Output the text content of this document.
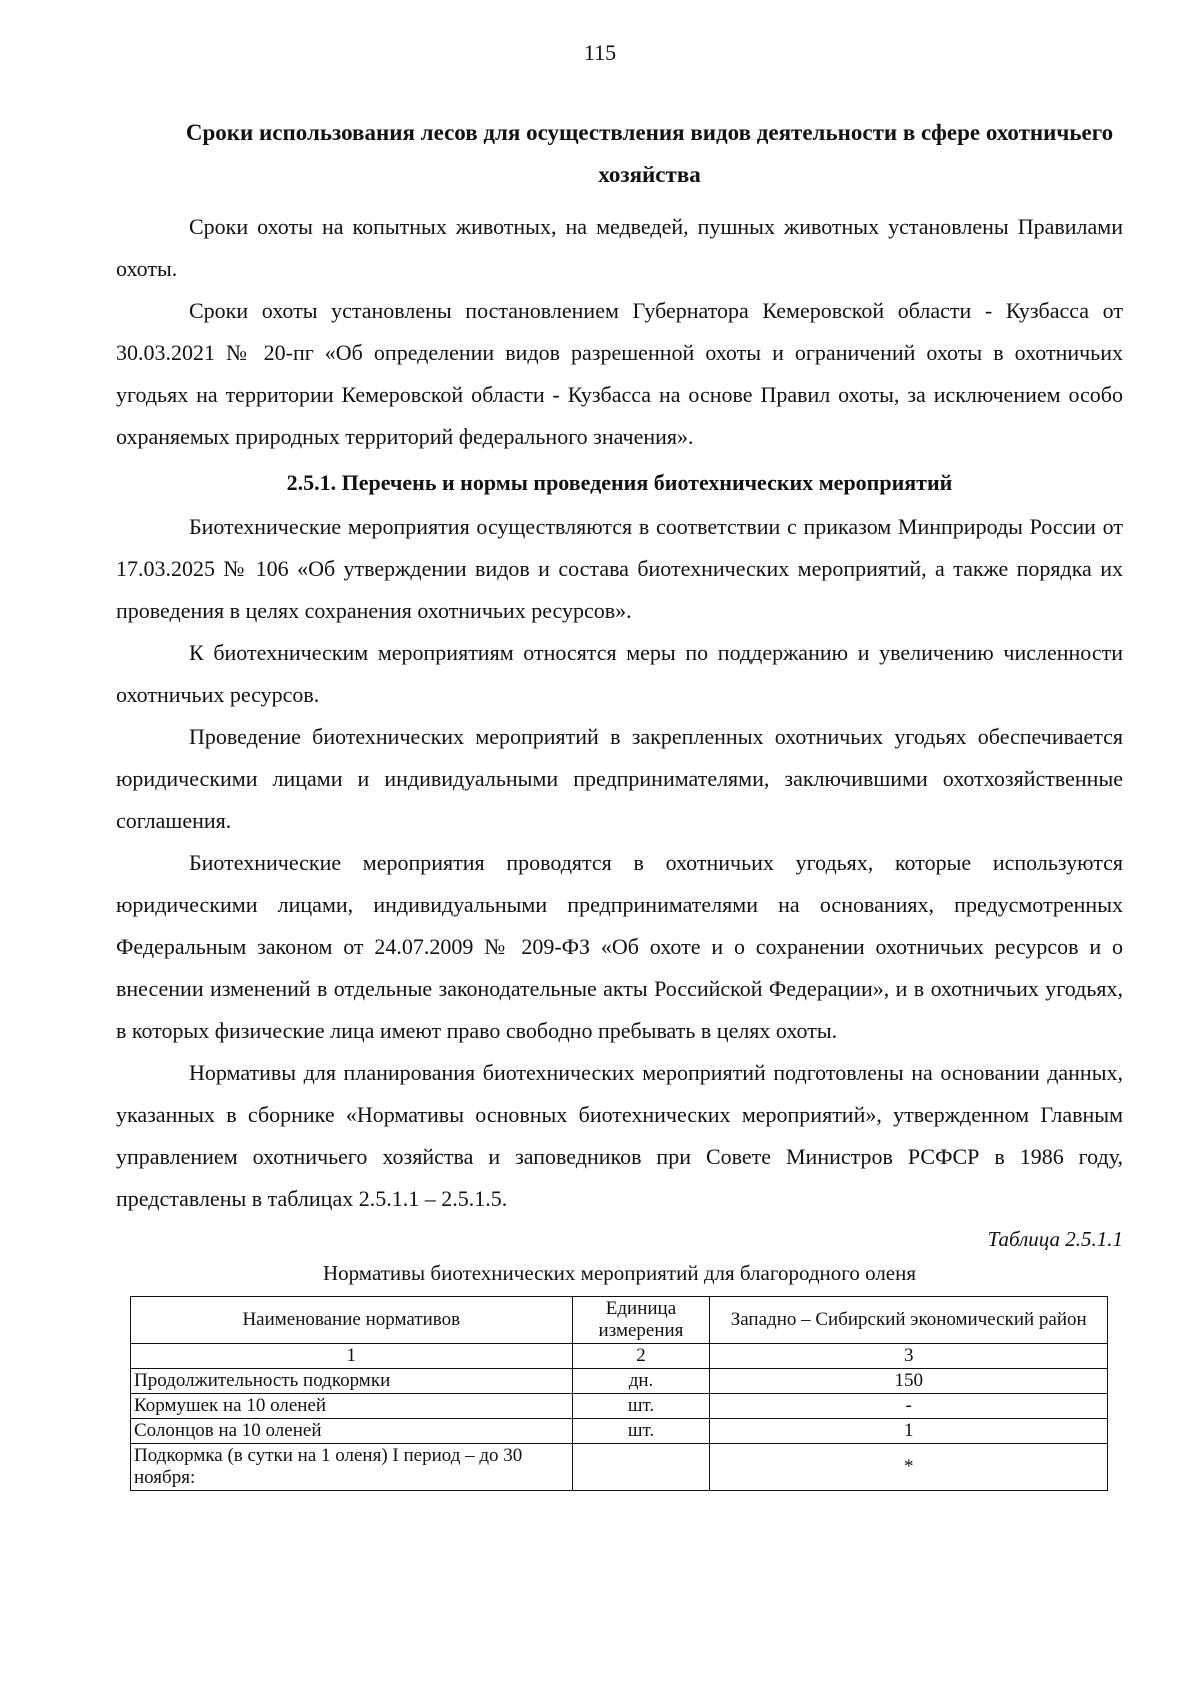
115
Сроки использования лесов для осуществления видов деятельности в сфере охотничьего хозяйства

Сроки охоты на копытных животных, на медведей, пушных животных установлены Правилами охоты.

Сроки охоты установлены постановлением Губернатора Кемеровской области - Кузбасса от 30.03.2021 № 20-пг «Об определении видов разрешенной охоты и ограничений охоты в охотничьих угодьях на территории Кемеровской области - Кузбасса на основе Правил охоты, за исключением особо охраняемых природных территорий федерального значения».

2.5.1. Перечень и нормы проведения биотехнических мероприятий

Биотехнические мероприятия осуществляются в соответствии с приказом Минприроды России от 17.03.2025 № 106 «Об утверждении видов и состава биотехнических мероприятий, а также порядка их проведения в целях сохранения охотничьих ресурсов».

К биотехническим мероприятиям относятся меры по поддержанию и увеличению численности охотничьих ресурсов.

Проведение биотехнических мероприятий в закрепленных охотничьих угодьях обеспечивается юридическими лицами и индивидуальными предпринимателями, заключившими охотхозяйственные соглашения.

Биотехнические мероприятия проводятся в охотничьих угодьях, которые используются юридическими лицами, индивидуальными предпринимателями на основаниях, предусмотренных Федеральным законом от 24.07.2009 № 209-ФЗ «Об охоте и о сохранении охотничьих ресурсов и о внесении изменений в отдельные законодательные акты Российской Федерации», и в охотничьих угодьях, в которых физические лица имеют право свободно пребывать в целях охоты.

Нормативы для планирования биотехнических мероприятий подготовлены на основании данных, указанных в сборнике «Нормативы основных биотехнических мероприятий», утвержденном Главным управлением охотничьего хозяйства и заповедников при Совете Министров РСФСР в 1986 году, представлены в таблицах 2.5.1.1 – 2.5.1.5.

Таблица 2.5.1.1
Нормативы биотехнических мероприятий для благородного оленя
Наименование нормативов	Единица измерения	Западно – Сибирский экономический район
1	2	3
Продолжительность подкормки	дн.	150
Кормушек на 10 оленей	шт.	-
Солонцов на 10 оленей	шт.	1
Подкормка (в сутки на 1 оленя) I период – до 30 ноября:		*
